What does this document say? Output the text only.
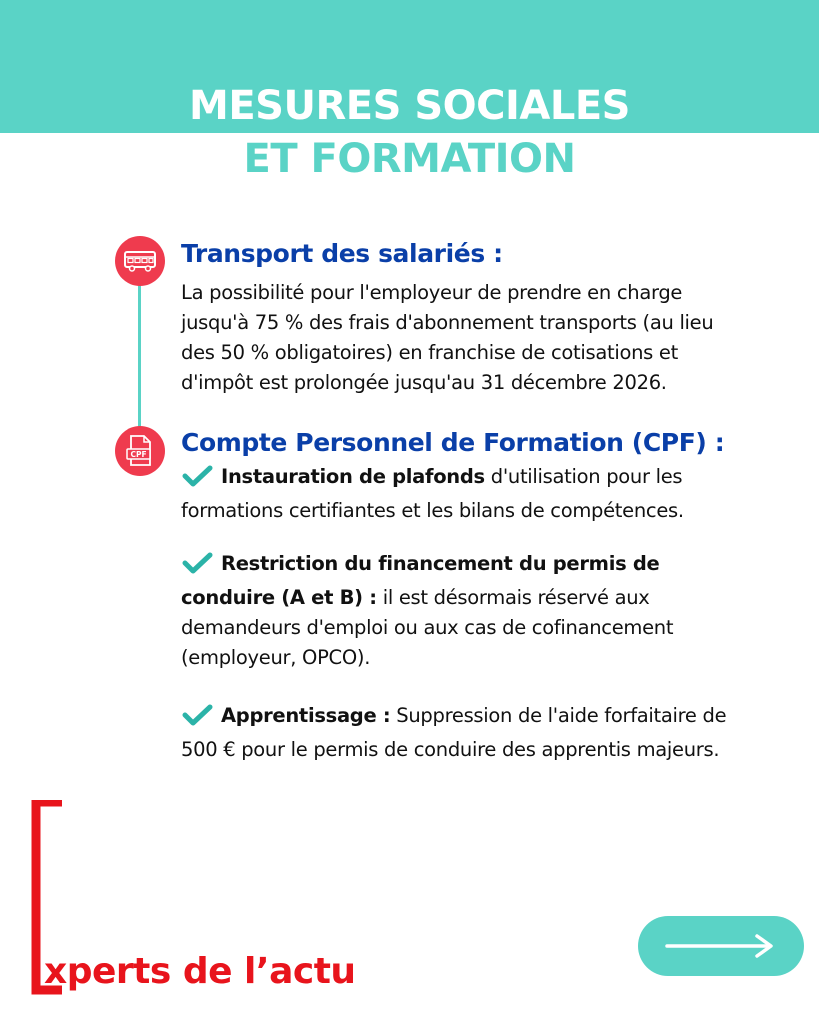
MESURES SOCIALES
ET FORMATION
CPF
Transport des salariés :
La possibilité pour l'employeur de prendre en charge jusqu'à 75 % des frais d'abonnement transports (au lieu des 50 % obligatoires) en franchise de cotisations et d'impôt est prolongée jusqu'au 31 décembre 2026.
Compte Personnel de Formation (CPF) :
Instauration de plafonds d'utilisation pour les formations certifiantes et les bilans de compétences.
Restriction du financement du permis de conduire (A et B) : il est désormais réservé aux demandeurs d'emploi ou aux cas de cofinancement (employeur, OPCO).
Apprentissage : Suppression de l'aide forfaitaire de 500 € pour le permis de conduire des apprentis majeurs.
xperts de l’actu
